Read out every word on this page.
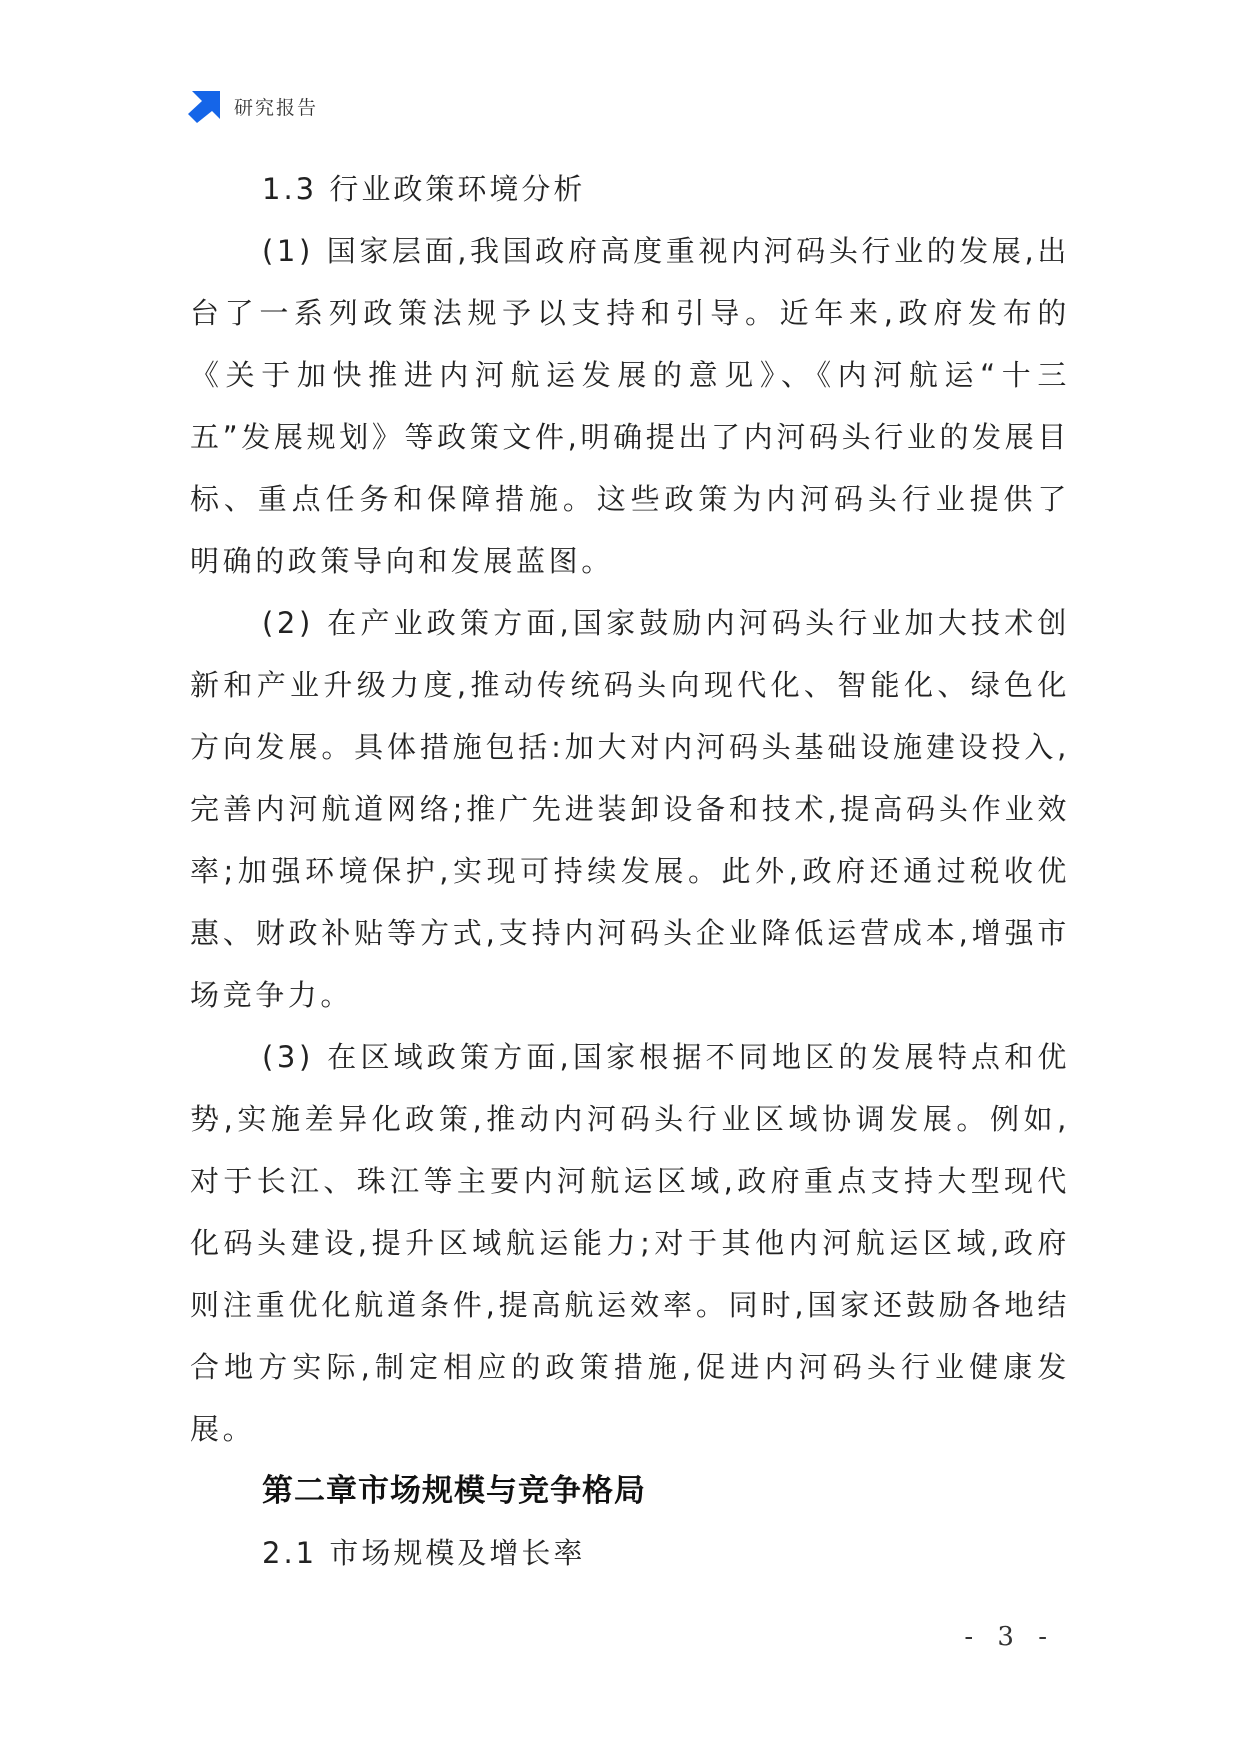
研究报告
1.3 行业政策环境分析

(1) 国家层面,我国政府高度重视内河码头行业的发展,出台了一系列政策法规予以支持和引导。近年来,政府发布的《关于加快推进内河航运发展的意见》、《内河航运“十三五”发展规划》等政策文件,明确提出了内河码头行业的发展目标、重点任务和保障措施。这些政策为内河码头行业提供了明确的政策导向和发展蓝图。

(2) 在产业政策方面,国家鼓励内河码头行业加大技术创新和产业升级力度,推动传统码头向现代化、智能化、绿色化方向发展。具体措施包括:加大对内河码头基础设施建设投入,完善内河航道网络;推广先进装卸设备和技术,提高码头作业效率;加强环境保护,实现可持续发展。此外,政府还通过税收优惠、财政补贴等方式,支持内河码头企业降低运营成本,增强市场竞争力。

(3) 在区域政策方面,国家根据不同地区的发展特点和优势,实施差异化政策,推动内河码头行业区域协调发展。例如,对于长江、珠江等主要内河航运区域,政府重点支持大型现代化码头建设,提升区域航运能力;对于其他内河航运区域,政府则注重优化航道条件,提高航运效率。同时,国家还鼓励各地结合地方实际,制定相应的政策措施,促进内河码头行业健康发展。

第二章市场规模与竞争格局
2.1 市场规模及增长率
- 3 -
